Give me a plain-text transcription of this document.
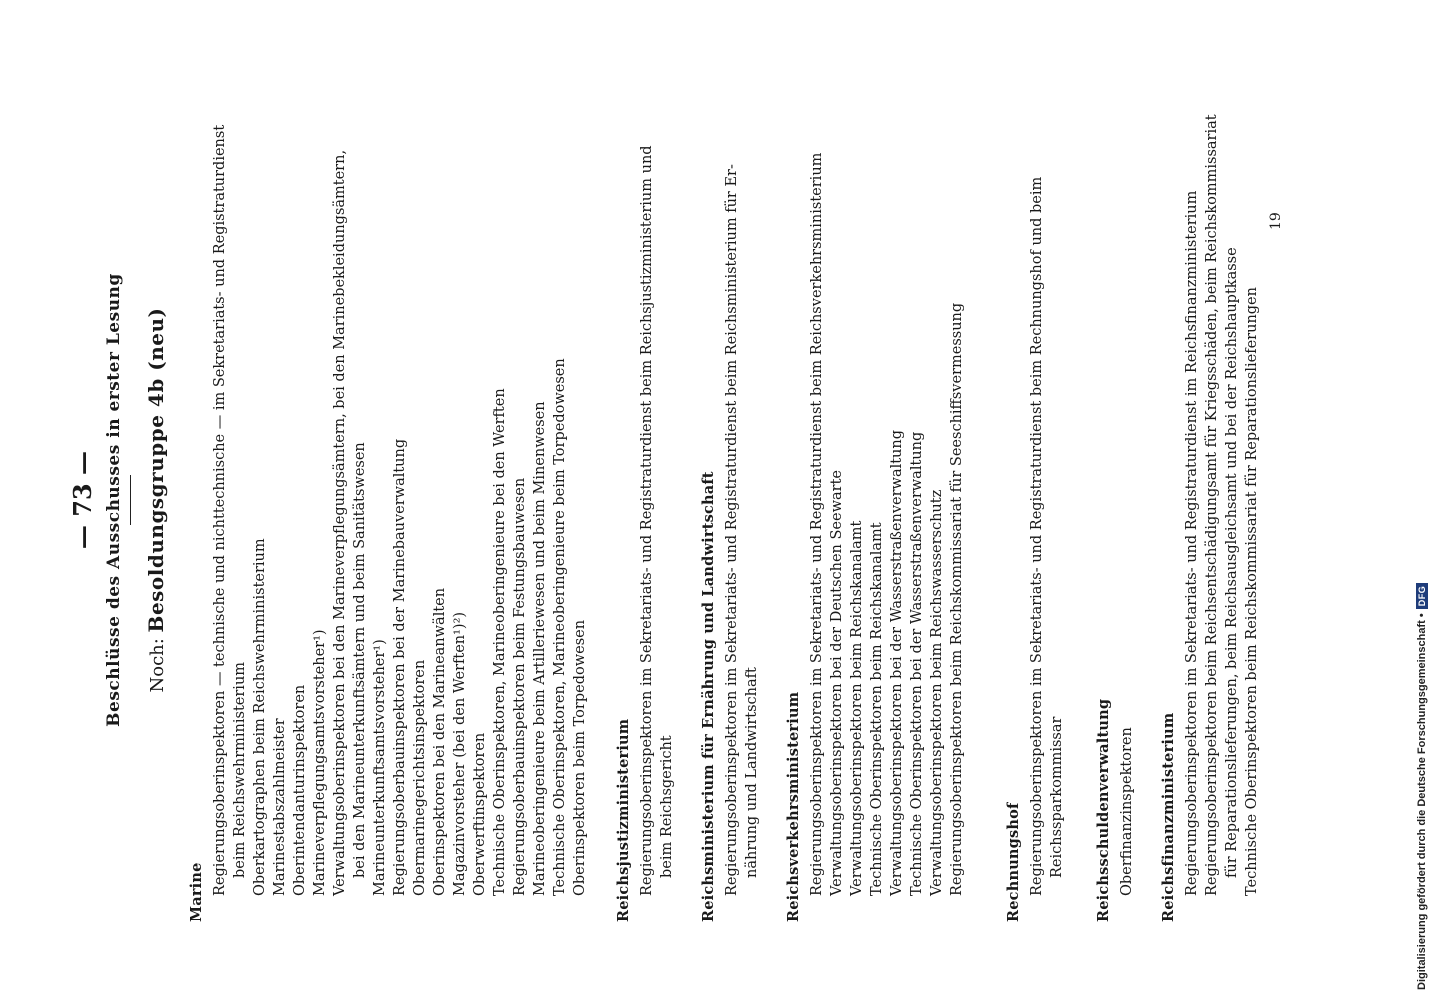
— 73 — Beschlüsse des Ausschusses in erster Lesung Noch: Besoldungsgruppe 4b (neu)
Marine Regierungsoberinspektoren — technische und nichttechnische — im Sekretariats- und Registraturdienst beim Reichswehrministerium Oberkartographen beim Reichswehrministerium Marinestabszahlmeister Oberintendanturinspektoren Marineverpflegungsamtsvorsteher¹) Verwaltungsoberinspektoren bei den Marineverpflegungsämtern, bei den Marinebekleidungsämtern, bei den Marineunterkunftsämtern und beim Sanitätswesen Marineunterkunftsamtsvorsteher¹) Regierungsoberbauinspektoren bei der Marinebauverwaltung Obermarinegerichtsinspektoren Oberinspektoren bei den Marineanwälten Magazinvorsteher (bei den Werften¹)²) Oberwerftinspektoren Technische Oberinspektoren, Marineoberingenieure bei den Werften Regierungsoberbauinspektoren beim Festungsbauwesen Marineoberingenieure beim Artilleriewesen und beim Minenwesen Technische Oberinspektoren, Marineoberingenieure beim Torpedowesen Oberinspektoren beim Torpedowesen Reichsjustizministerium Regierungsoberinspektoren im Sekretariats- und Registraturdienst beim Reichsjustizministerium und beim Reichsgericht Reichsministerium für Ernährung und Landwirtschaft Regierungsoberinspektoren im Sekretariats- und Registraturdienst beim Reichsministerium für Er- nährung und Landwirtschaft Reichsverkehrsministerium Regierungsoberinspektoren im Sekretariats- und Registraturdienst beim Reichsverkehrsministerium Verwaltungsoberinspektoren bei der Deutschen Seewarte Verwaltungsoberinspektoren beim Reichskanalamt Technische Oberinspektoren beim Reichskanalamt Verwaltungsoberinspektoren bei der Wasserstraßenverwaltung Technische Oberinspektoren bei der Wasserstraßenverwaltung Verwaltungsoberinspektoren beim Reichswasserschutz Regierungsoberinspektoren beim Reichskommissariat für Seeschiffsvermessung	Rechnungshof Regierungsoberinspektoren im Sekretariats- und Registraturdienst beim Rechnungshof und beim Reichssparkommissar Reichsschuldenverwaltung Oberfinanzinspektoren Reichsfinanzministerium Regierungsoberinspektoren im Sekretariats- und Registraturdienst im Reichsfinanzministerium Regierungsoberinspektoren beim Reichsentschädigungsamt für Kriegsschäden, beim Reichskommissariat für Reparationslieferungen, beim Reichsausgleichsamt und bei der Reichshauptkasse Technische Oberinspektoren beim Reichskommissariat für Reparationslieferungen
19
Digitalisierung gefördert durch die Deutsche Forschungsgemeinschaft •
DFG
